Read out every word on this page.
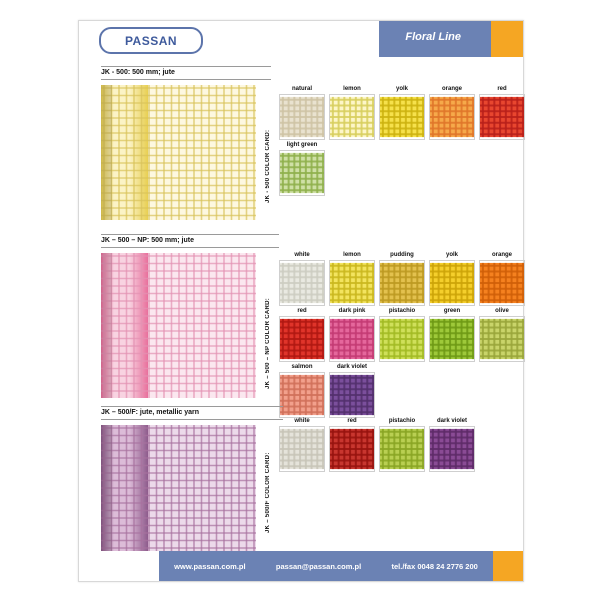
PASSAN	Floral Line
JK - 500: 500 mm; jute
JK - 500 COLOR CARD:
natural	lemon	yolk	orange	red
light green
JK – 500 – NP: 500 mm; jute
JK – 500 – NP COLOR CARD:
white	lemon	pudding	yolk	orange
red	dark pink	pistachio	green	olive
salmon	dark violet
JK – 500/F: jute, metallic yarn
JK – 500/F COLOR CARD:
white	red	pistachio	dark violet
www.passan.com.pl	passan@passan.com.pl	tel./fax 0048 24 2776 200
